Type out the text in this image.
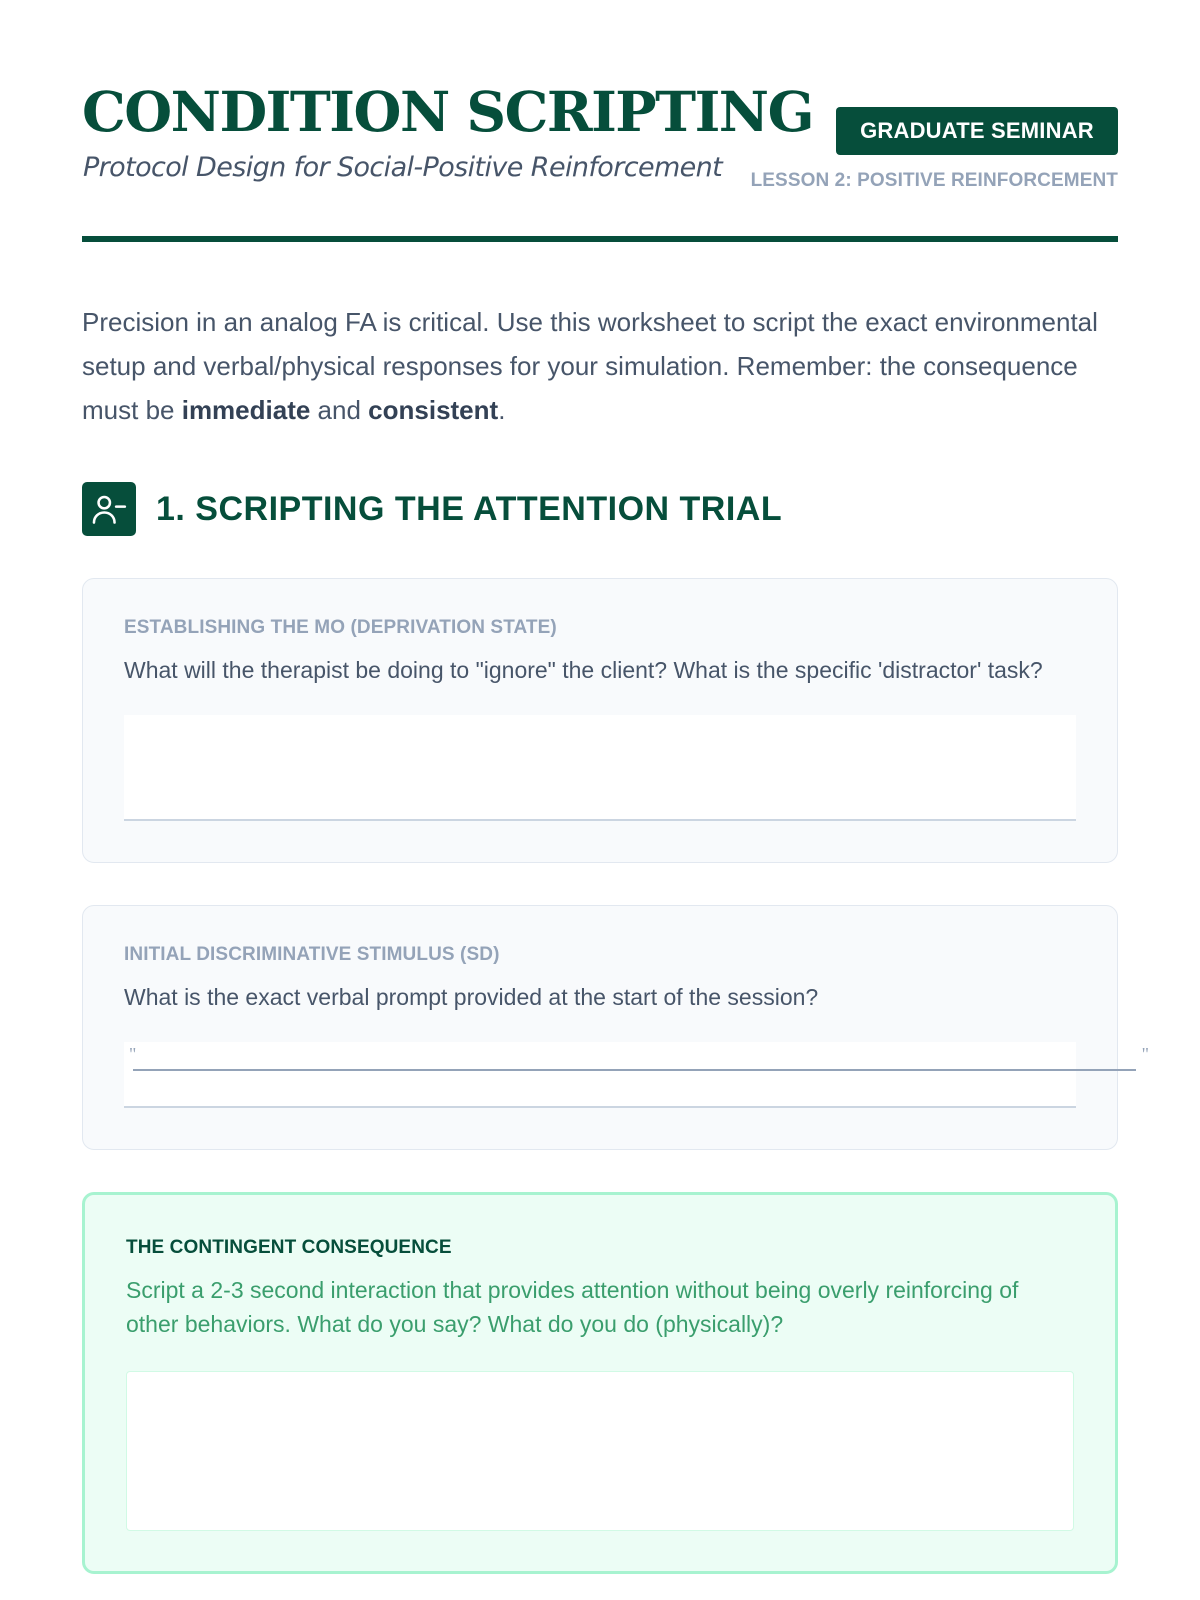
CONDITION SCRIPTING
Protocol Design for Social-Positive Reinforcement
GRADUATE SEMINAR
LESSON 2: POSITIVE REINFORCEMENT

Precision in an analog FA is critical. Use this worksheet to script the exact environmental setup and verbal/physical responses for your simulation. Remember: the consequence must be immediate and consistent.

1. SCRIPTING THE ATTENTION TRIAL
ESTABLISHING THE MO (DEPRIVATION STATE)
What will the therapist be doing to "ignore" the client? What is the specific 'distractor' task?
INITIAL DISCRIMINATIVE STIMULUS (SD)
What is the exact verbal prompt provided at the start of the session?
"	"
THE CONTINGENT CONSEQUENCE
Script a 2-3 second interaction that provides attention without being overly reinforcing of other behaviors. What do you say? What do you do (physically)?
